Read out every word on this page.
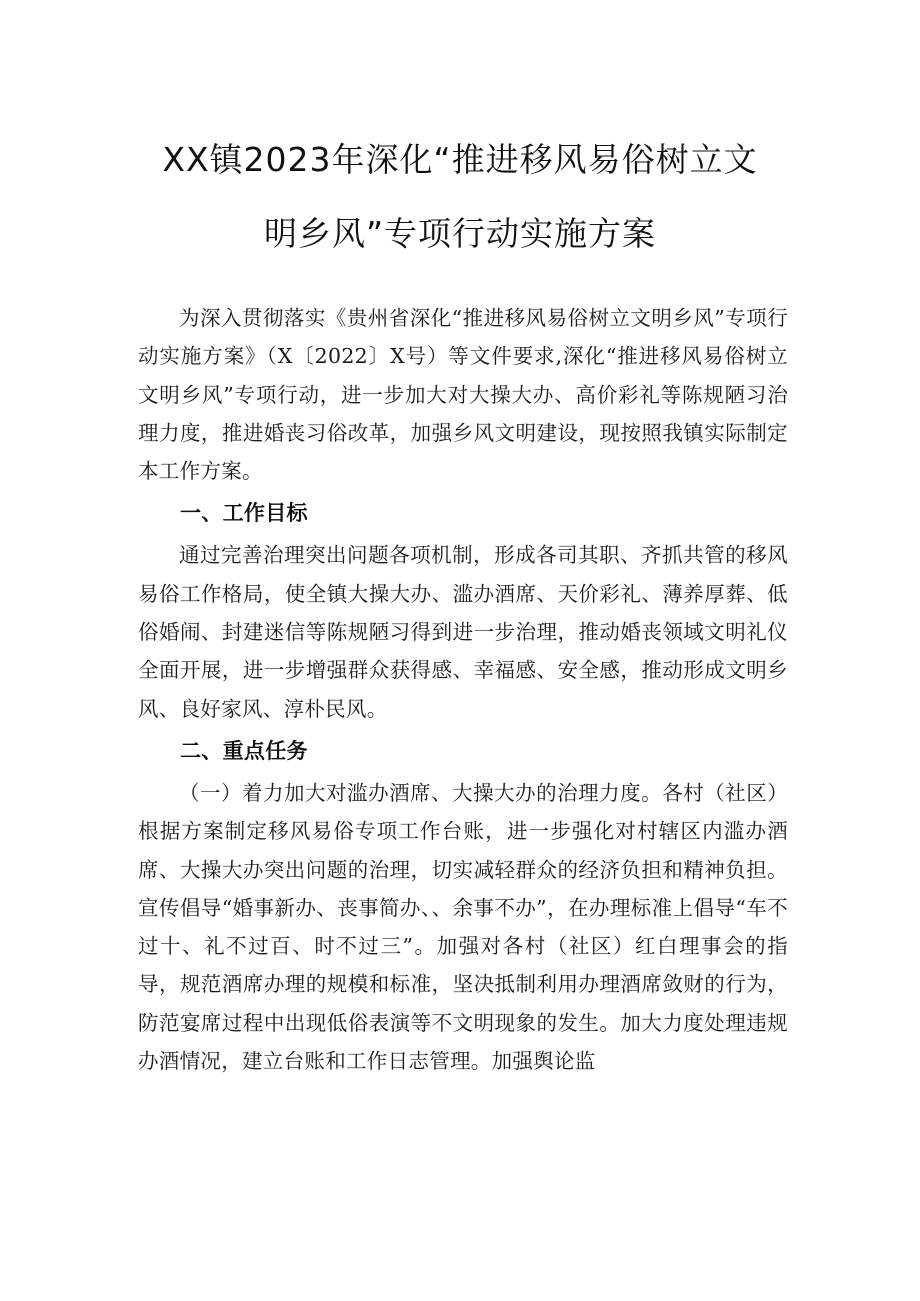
XX镇2023年深化“推进移风易俗树立文
明乡风”专项行动实施方案

为深入贯彻落实《贵州省深化“推进移风易俗树立文明乡风”专项行动实施方案》（X〔2022〕X号）等文件要求,深化“推进移风易俗树立文明乡风”专项行动，进一步加大对大操大办、高价彩礼等陈规陋习治理力度，推进婚丧习俗改革，加强乡风文明建设，现按照我镇实际制定本工作方案。

一、工作目标

通过完善治理突出问题各项机制，形成各司其职、齐抓共管的移风易俗工作格局，使全镇大操大办、滥办酒席、天价彩礼、薄养厚葬、低俗婚闹、封建迷信等陈规陋习得到进一步治理，推动婚丧领域文明礼仪全面开展，进一步增强群众获得感、幸福感、安全感，推动形成文明乡风、良好家风、淳朴民风。

二、重点任务

（一）着力加大对滥办酒席、大操大办的治理力度。各村（社区）根据方案制定移风易俗专项工作台账，进一步强化对村辖区内滥办酒席、大操大办突出问题的治理，切实减轻群众的经济负担和精神负担。宣传倡导“婚事新办、丧事简办、、余事不办”，在办理标准上倡导“车不过十、礼不过百、时不过三”。加强对各村（社区）红白理事会的指导，规范酒席办理的规模和标准，坚决抵制利用办理酒席敛财的行为，防范宴席过程中出现低俗表演等不文明现象的发生。加大力度处理违规办酒情况，建立台账和工作日志管理。加强舆论监
